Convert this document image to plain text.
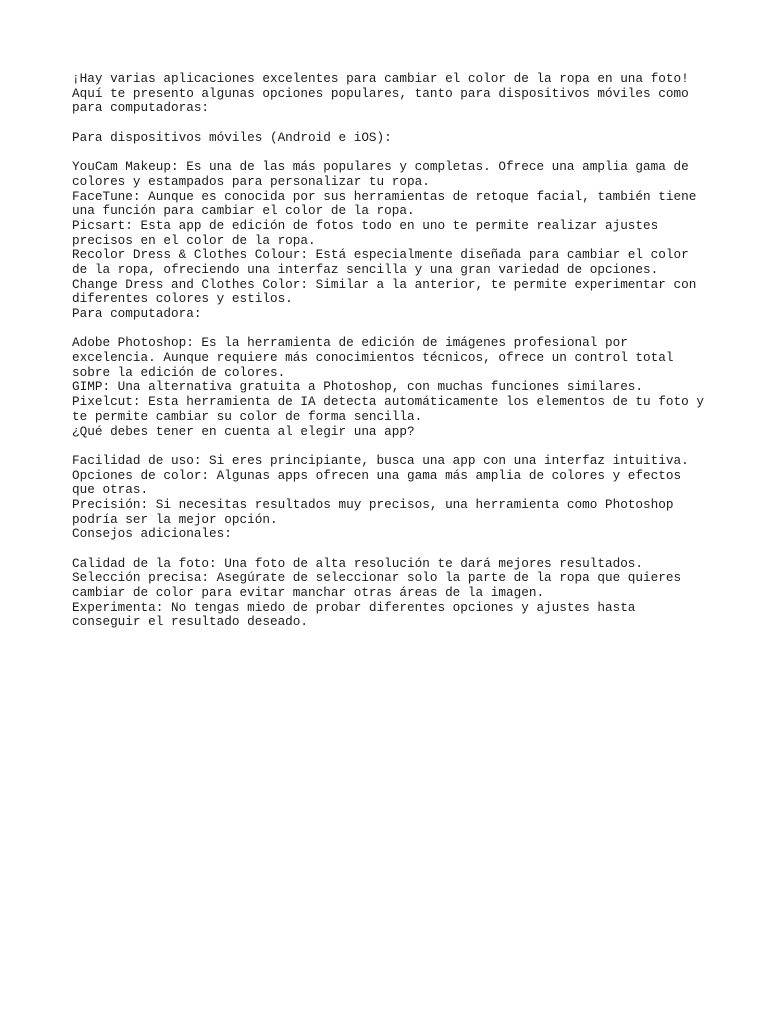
¡Hay varias aplicaciones excelentes para cambiar el color de la ropa en una foto!
Aquí te presento algunas opciones populares, tanto para dispositivos móviles como
para computadoras:
Para dispositivos móviles (Android e iOS):
YouCam Makeup: Es una de las más populares y completas. Ofrece una amplia gama de
colores y estampados para personalizar tu ropa.
FaceTune: Aunque es conocida por sus herramientas de retoque facial, también tiene
una función para cambiar el color de la ropa.
Picsart: Esta app de edición de fotos todo en uno te permite realizar ajustes
precisos en el color de la ropa.
Recolor Dress & Clothes Colour: Está especialmente diseñada para cambiar el color
de la ropa, ofreciendo una interfaz sencilla y una gran variedad de opciones.
Change Dress and Clothes Color: Similar a la anterior, te permite experimentar con
diferentes colores y estilos.
Para computadora:
Adobe Photoshop: Es la herramienta de edición de imágenes profesional por
excelencia. Aunque requiere más conocimientos técnicos, ofrece un control total
sobre la edición de colores.
GIMP: Una alternativa gratuita a Photoshop, con muchas funciones similares.
Pixelcut: Esta herramienta de IA detecta automáticamente los elementos de tu foto y
te permite cambiar su color de forma sencilla.
¿Qué debes tener en cuenta al elegir una app?
Facilidad de uso: Si eres principiante, busca una app con una interfaz intuitiva.
Opciones de color: Algunas apps ofrecen una gama más amplia de colores y efectos
que otras.
Precisión: Si necesitas resultados muy precisos, una herramienta como Photoshop
podría ser la mejor opción.
Consejos adicionales:
Calidad de la foto: Una foto de alta resolución te dará mejores resultados.
Selección precisa: Asegúrate de seleccionar solo la parte de la ropa que quieres
cambiar de color para evitar manchar otras áreas de la imagen.
Experimenta: No tengas miedo de probar diferentes opciones y ajustes hasta
conseguir el resultado deseado.
